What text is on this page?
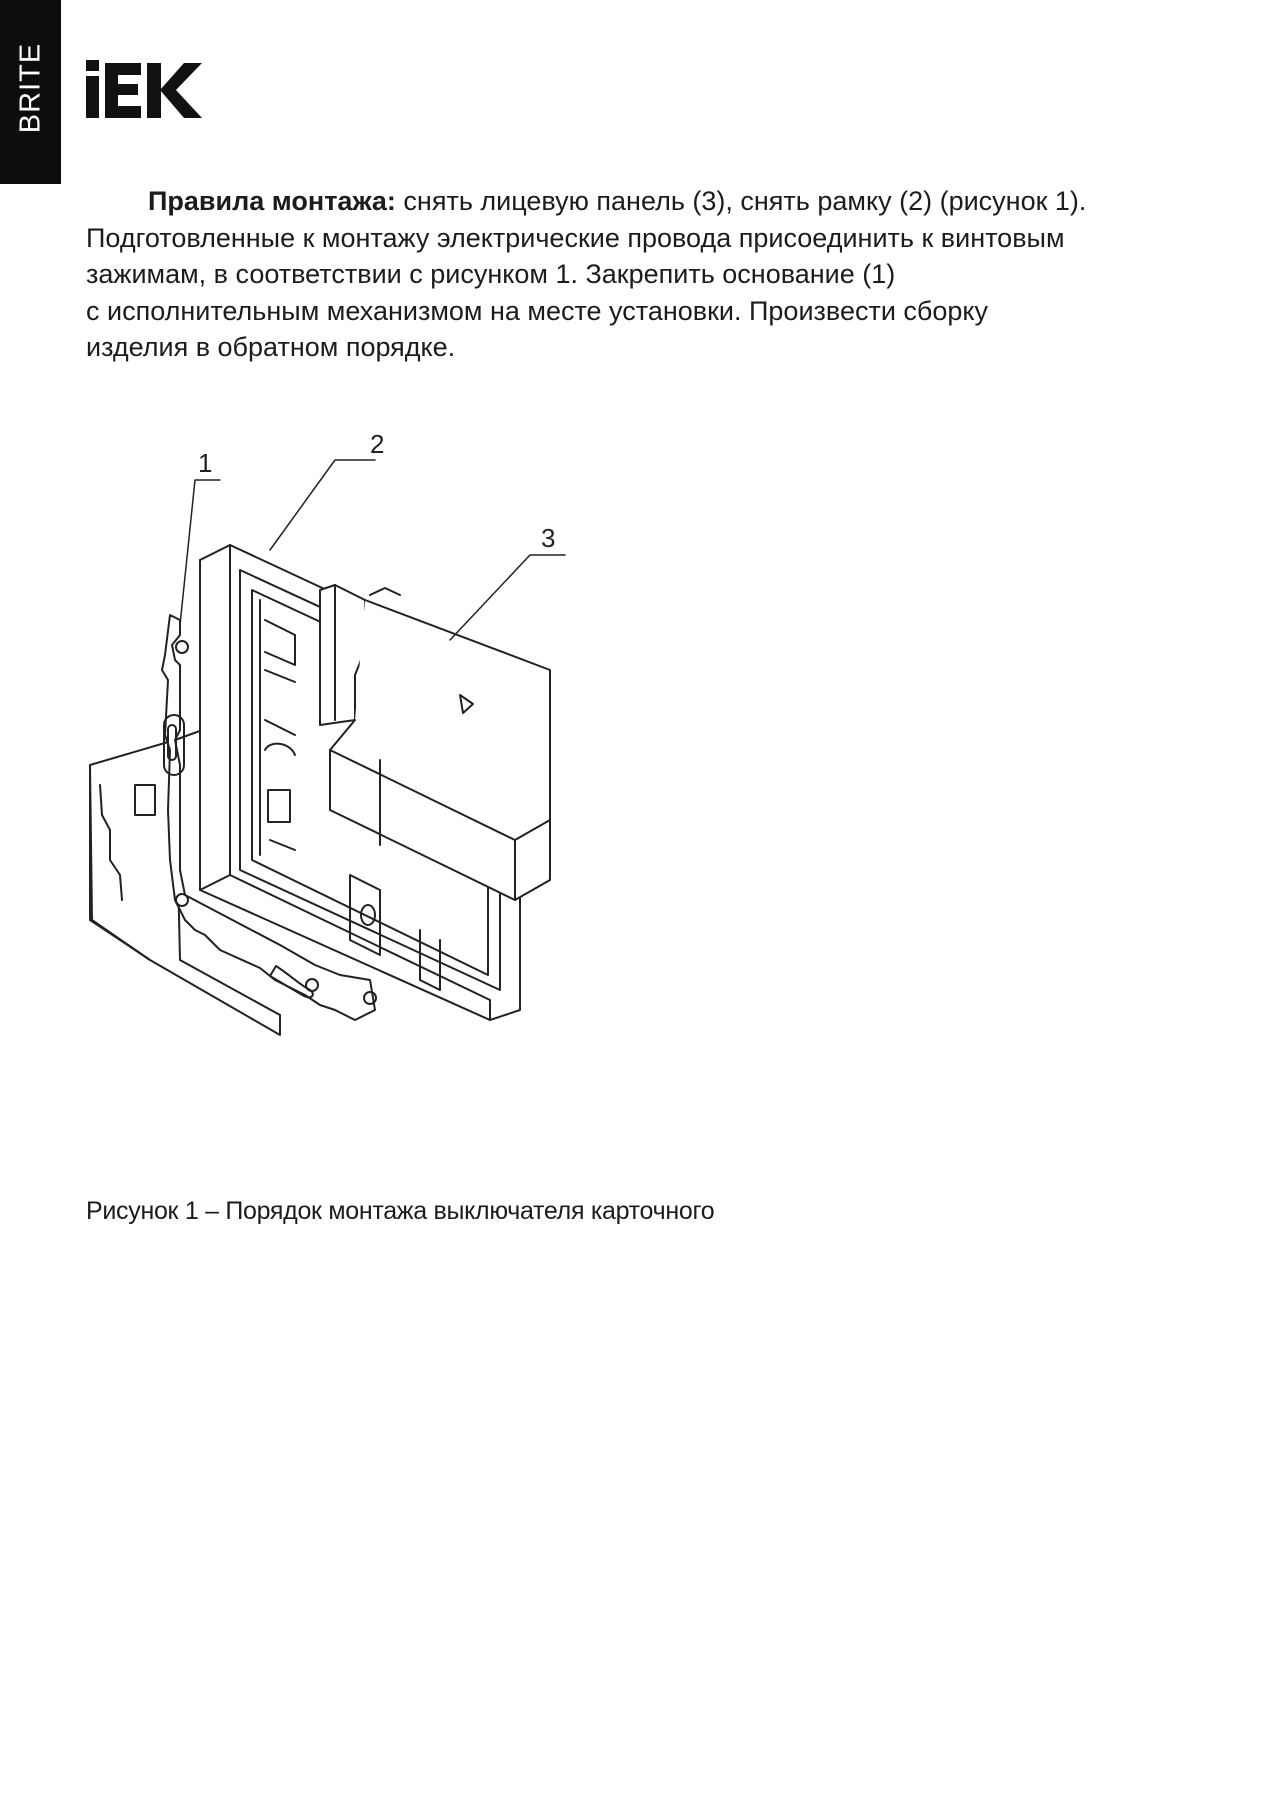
BRITE
Правила монтажа: снять лицевую панель (3), снять рамку (2) (рисунок 1).
Подготовленные к монтажу электрические провода присоединить к винтовым
зажимам, в соответствии с рисунком 1. Закрепить основание (1)
с исполнительным механизмом на месте установки. Произвести сборку
изделия в обратном порядке.
1
2
3
Рисунок 1 – Порядок монтажа выключателя карточного
